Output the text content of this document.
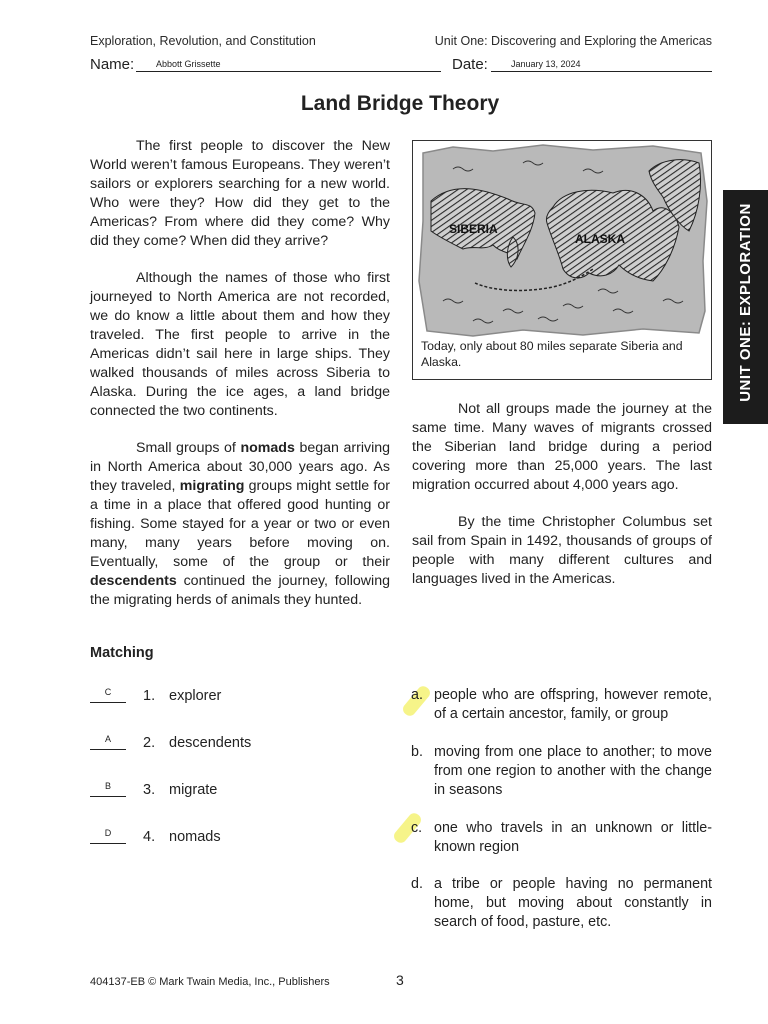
Exploration, Revolution, and Constitution	Unit One: Discovering and Exploring the Americas
Name:	Abbott Grissette	Date:	January 13, 2024
Land Bridge Theory

The first people to discover the New World weren’t famous Europeans. They weren’t sailors or explorers searching for a new world. Who were they? How did they get to the Americas? From where did they come? Why did they come? When did they arrive?

Although the names of those who first journeyed to North America are not recorded, we do know a little about them and how they traveled. The first people to arrive in the Americas didn’t sail here in large ships. They walked thousands of miles across Siberia to Alaska. During the ice ages, a land bridge connected the two continents.

Small groups of nomads began arriving in North America about 30,000 years ago. As they traveled, migrating groups might settle for a time in a place that offered good hunting or fishing. Some stayed for a year or two or even many, many years before moving on. Eventually, some of the group or their descendents continued the journey, following the migrating herds of animals they hunted.

SIBERIA
ALASKA
Today, only about 80 miles separate Siberia and Alaska.

Not all groups made the journey at the same time. Many waves of migrants crossed the Siberian land bridge during a period covering more than 25,000 years. The last migration occurred about 4,000 years ago.

By the time Christopher Columbus set sail from Spain in 1492, thousands of groups of people with many different cultures and languages lived in the Americas.

UNIT ONE: EXPLORATION
Matching
C	1. explorer
A	2. descendents
B	3. migrate
D	4. nomads
a. people who are offspring, however remote, of a certain ancestor, family, or group
b. moving from one place to another; to move from one region to another with the change in seasons
c. one who travels in an unknown or little-known region
d. a tribe or people having no permanent home, but moving about constantly in search of food, pasture, etc.
404137-EB © Mark Twain Media, Inc., Publishers	3
